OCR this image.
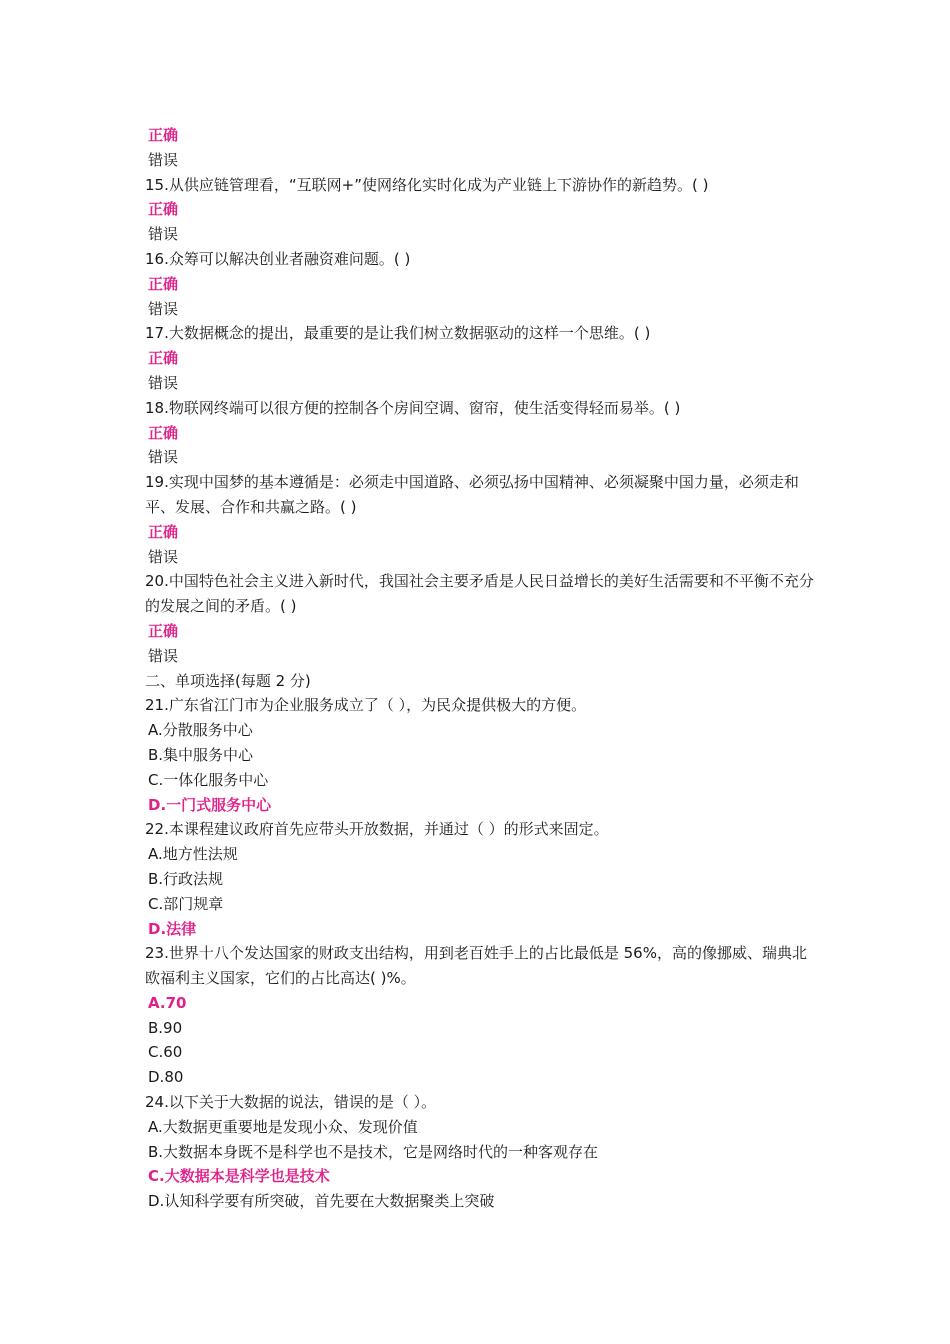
正确
错误
15.从供应链管理看，“互联网+”使网络化实时化成为产业链上下游协作的新趋势。( )
正确
错误
16.众筹可以解决创业者融资难问题。( )
正确
错误
17.大数据概念的提出，最重要的是让我们树立数据驱动的这样一个思维。( )
正确
错误
18.物联网终端可以很方便的控制各个房间空调、窗帘，使生活变得轻而易举。( )
正确
错误
19.实现中国梦的基本遵循是：必须走中国道路、必须弘扬中国精神、必须凝聚中国力量，必须走和平、发展、合作和共赢之路。( )
正确
错误
20.中国特色社会主义进入新时代，我国社会主要矛盾是人民日益增长的美好生活需要和不平衡不充分的发展之间的矛盾。( )
正确
错误
二、单项选择(每题 2 分)
21.广东省江门市为企业服务成立了（ ），为民众提供极大的方便。
A.分散服务中心
B.集中服务中心
C.一体化服务中心
D.一门式服务中心
22.本课程建议政府首先应带头开放数据，并通过（ ）的形式来固定。
A.地方性法规
B.行政法规
C.部门规章
D.法律
23.世界十八个发达国家的财政支出结构，用到老百姓手上的占比最低是 56%，高的像挪威、瑞典北欧福利主义国家，它们的占比高达( )%。
A.70
B.90
C.60
D.80
24.以下关于大数据的说法，错误的是（ ）。
A.大数据更重要地是发现小众、发现价值
B.大数据本身既不是科学也不是技术，它是网络时代的一种客观存在
C.大数据本是科学也是技术
D.认知科学要有所突破，首先要在大数据聚类上突破
